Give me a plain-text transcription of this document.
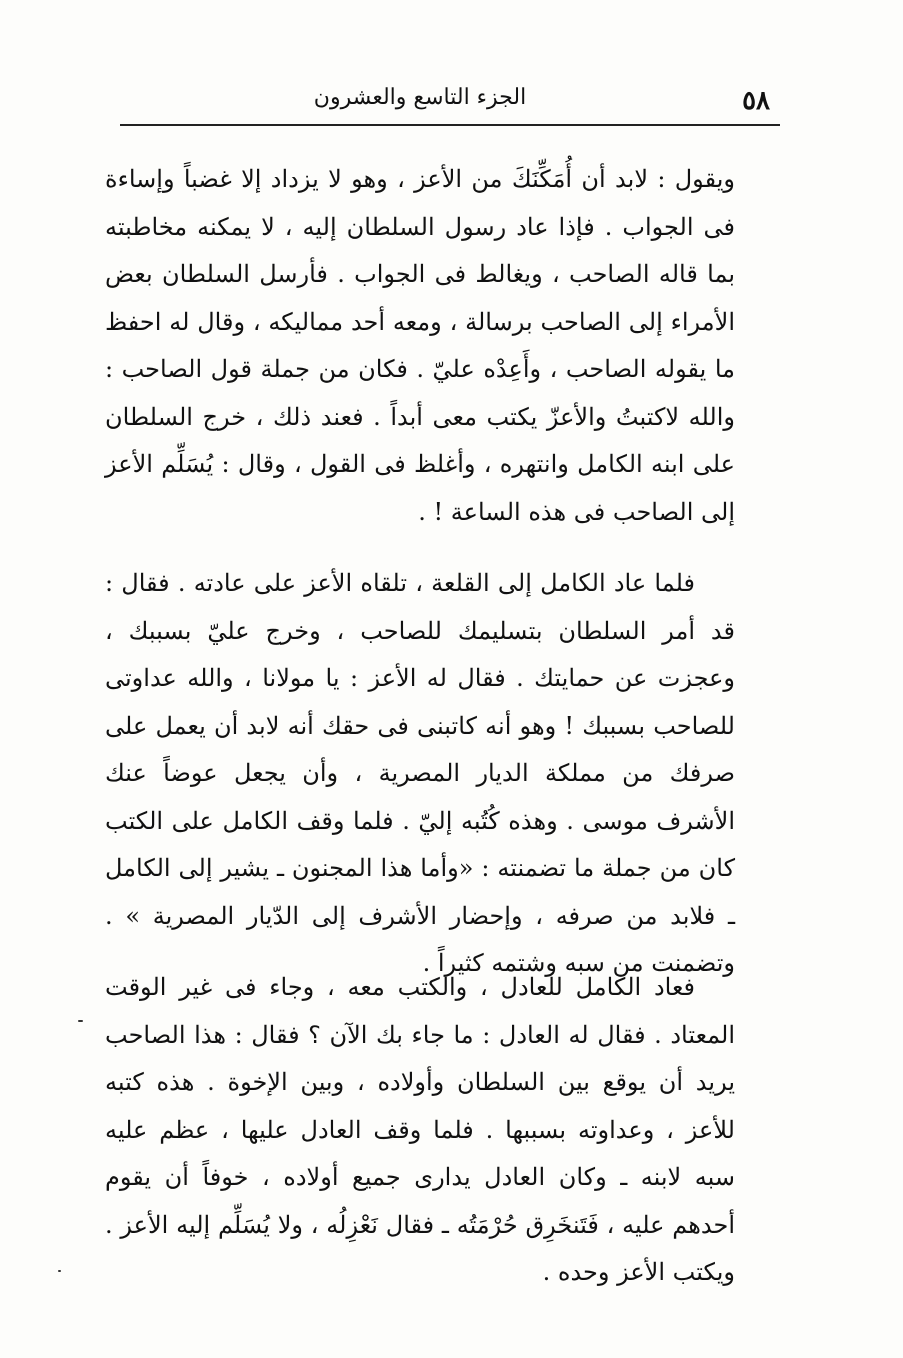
٥٨
الجزء التاسع والعشرون

ويقول : لابد أن أُمَكِّنَكَ من الأعز ، وهو لا يزداد إلا غضباً وإساءة فى الجواب . فإذا عاد رسول السلطان إليه ، لا يمكنه مخاطبته بما قاله الصاحب ، ويغالط فى الجواب . فأرسل السلطان بعض الأمراء إلى الصاحب برسالة ، ومعه أحد مماليكه ، وقال له احفظ ما يقوله الصاحب ، وأَعِدْه عليّ . فكان من جملة قول الصاحب : والله لاكتبتُ والأعزّ يكتب معى أبداً . فعند ذلك ، خرج السلطان على ابنه الكامل وانتهره ، وأغلظ فى القول ، وقال : يُسَلِّم الأعز إلى الصاحب فى هذه الساعة ! .

فلما عاد الكامل إلى القلعة ، تلقاه الأعز على عادته . فقال : قد أمر السلطان بتسليمك للصاحب ، وخرج عليّ بسببك ، وعجزت عن حمايتك . فقال له الأعز : يا مولانا ، والله عداوتى للصاحب بسببك ! وهو أنه كاتبنى فى حقك أنه لابد أن يعمل على صرفك من مملكة الديار المصرية ، وأن يجعل عوضاً عنك الأشرف موسى . وهذه كُتُبه إليّ . فلما وقف الكامل على الكتب كان من جملة ما تضمنته : «وأما هذا المجنون ـ يشير إلى الكامل ـ فلابد من صرفه ، وإحضار الأشرف إلى الدّيار المصرية » . وتضمنت من سبه وشتمه كثيراً .

فعاد الكامل للعادل ، والكتب معه ، وجاء فى غير الوقت المعتاد . فقال له العادل : ما جاء بك الآن ؟ فقال : هذا الصاحب يريد أن يوقع بين السلطان وأولاده ، وبين الإخوة . هذه كتبه للأعز ، وعداوته بسببها . فلما وقف العادل عليها ، عظم عليه سبه لابنه ـ وكان العادل يدارى جميع أولاده ، خوفاً أن يقوم أحدهم عليه ، فَتَنخَرِق حُرْمَتُه ـ فقال نَعْزِلُه ، ولا يُسَلِّم إليه الأعز . ويكتب الأعز وحده .
